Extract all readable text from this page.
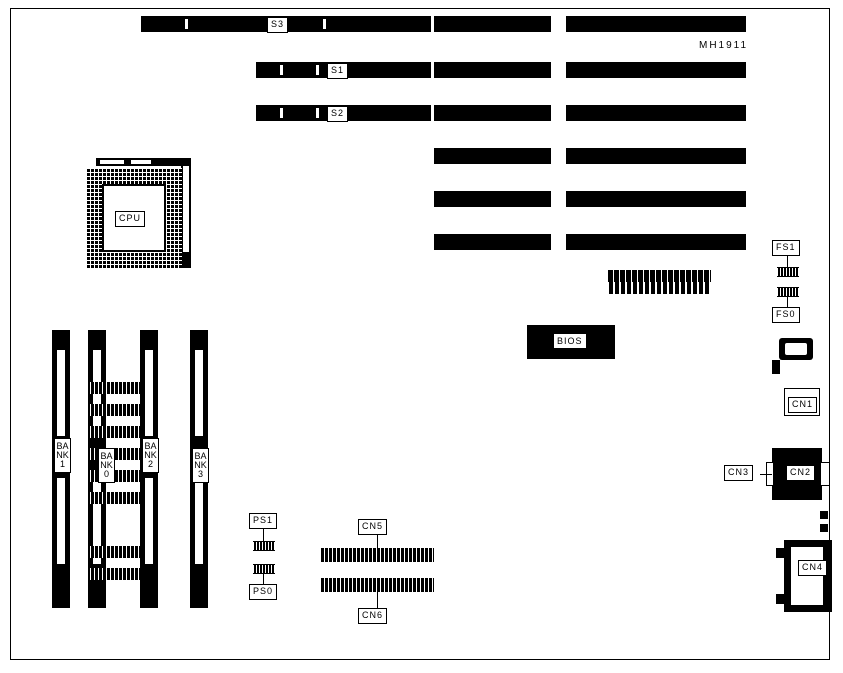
S3
MH1911
S1
S2
CPU
BANK1
BANK0
BANK2
BANK3
PS1
PS0
CN5
CN6
BIOS
FS1
FS0
CN1
CN2
CN3
CN4
